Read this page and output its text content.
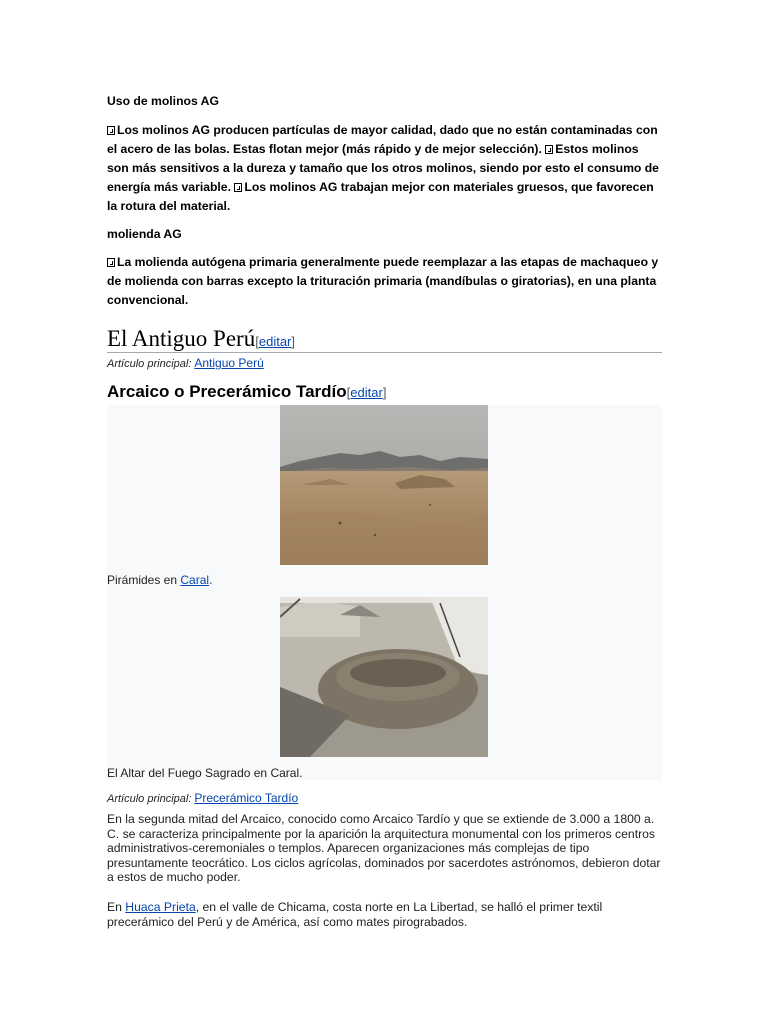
Uso de molinos AG
Los molinos AG producen partículas de mayor calidad, dado que no están contaminadas con el acero de las bolas. Estas flotan mejor (más rápido y de mejor selección). Estos molinos son más sensitivos a la dureza y tamaño que los otros molinos, siendo por esto el consumo de energía más variable. Los molinos AG trabajan mejor con materiales gruesos, que favorecen la rotura del material.
molienda AG
La molienda autógena primaria generalmente puede reemplazar a las etapas de machaqueo y de molienda con barras excepto la trituración primaria (mandíbulas o giratorias), en una planta convencional.
El Antiguo Perú[editar]
Artículo principal: Antiguo Perú
Arcaico o Precerámico Tardío[editar]
Pirámides en Caral.
El Altar del Fuego Sagrado en Caral.
Artículo principal: Precerámico Tardío
En la segunda mitad del Arcaico, conocido como Arcaico Tardío y que se extiende de 3.000 a 1800 a. C. se caracteriza principalmente por la aparición la arquitectura monumental con los primeros centros administrativos-ceremoniales o templos. Aparecen organizaciones más complejas de tipo presuntamente teocrático. Los ciclos agrícolas, dominados por sacerdotes astrónomos, debieron dotar a estos de mucho poder.
En Huaca Prieta, en el valle de Chicama, costa norte en La Libertad, se halló el primer textil precerámico del Perú y de América, así como mates pirograbados.
